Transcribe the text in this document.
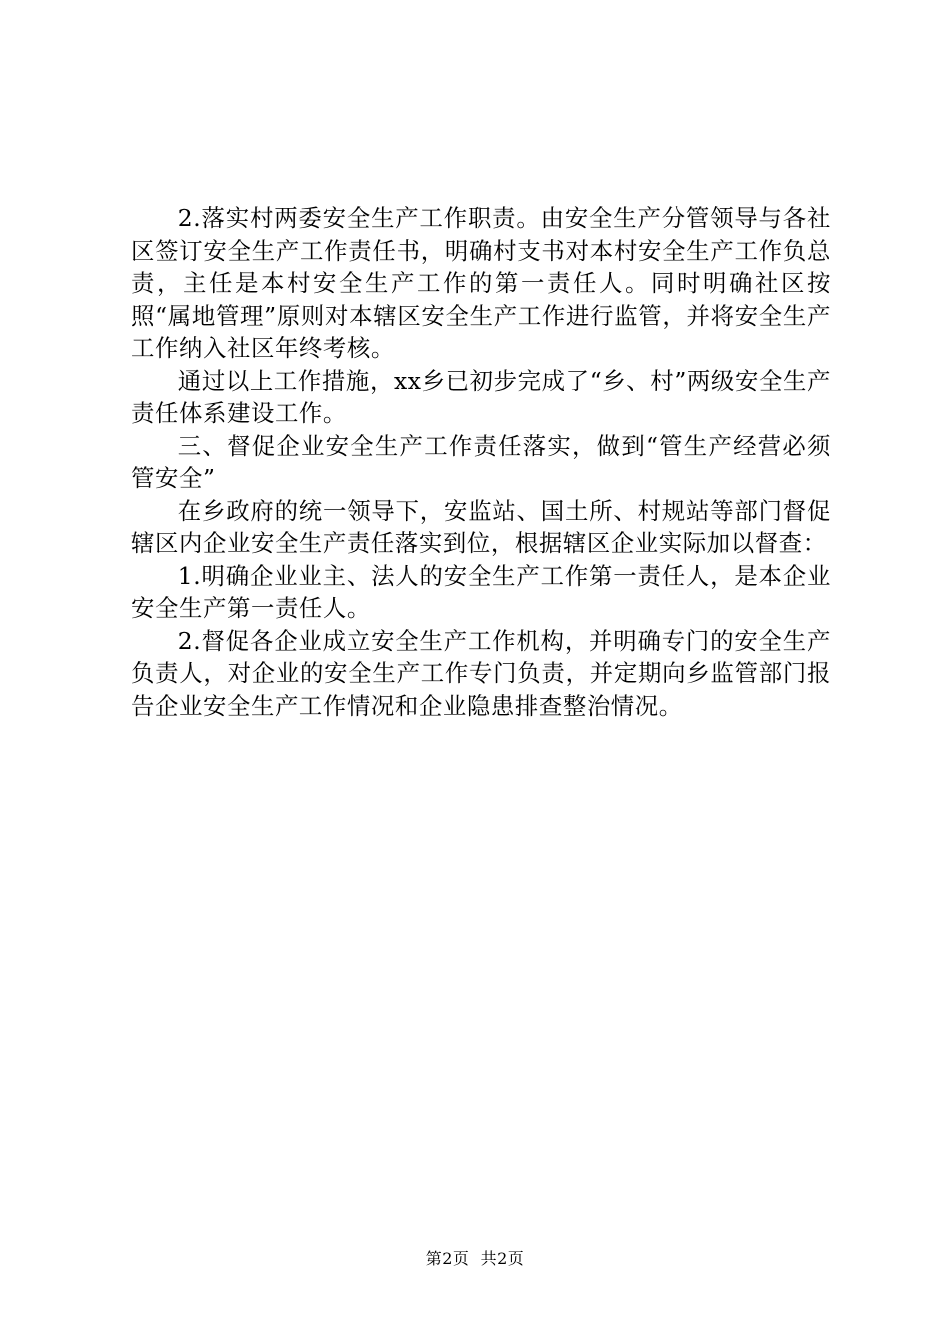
2.落实村两委安全生产工作职责。由安全生产分管领导与各社区签订安全生产工作责任书，明确村支书对本村安全生产工作负总责，主任是本村安全生产工作的第一责任人。同时明确社区按照“属地管理”原则对本辖区安全生产工作进行监管，并将安全生产工作纳入社区年终考核。

通过以上工作措施，xx乡已初步完成了“乡、村”两级安全生产责任体系建设工作。

三、督促企业安全生产工作责任落实，做到“管生产经营必须管安全”

在乡政府的统一领导下，安监站、国土所、村规站等部门督促辖区内企业安全生产责任落实到位，根据辖区企业实际加以督查：

1.明确企业业主、法人的安全生产工作第一责任人，是本企业安全生产第一责任人。

2.督促各企业成立安全生产工作机构，并明确专门的安全生产负责人，对企业的安全生产工作专门负责，并定期向乡监管部门报告企业安全生产工作情况和企业隐患排查整治情况。

第2页 共2页
